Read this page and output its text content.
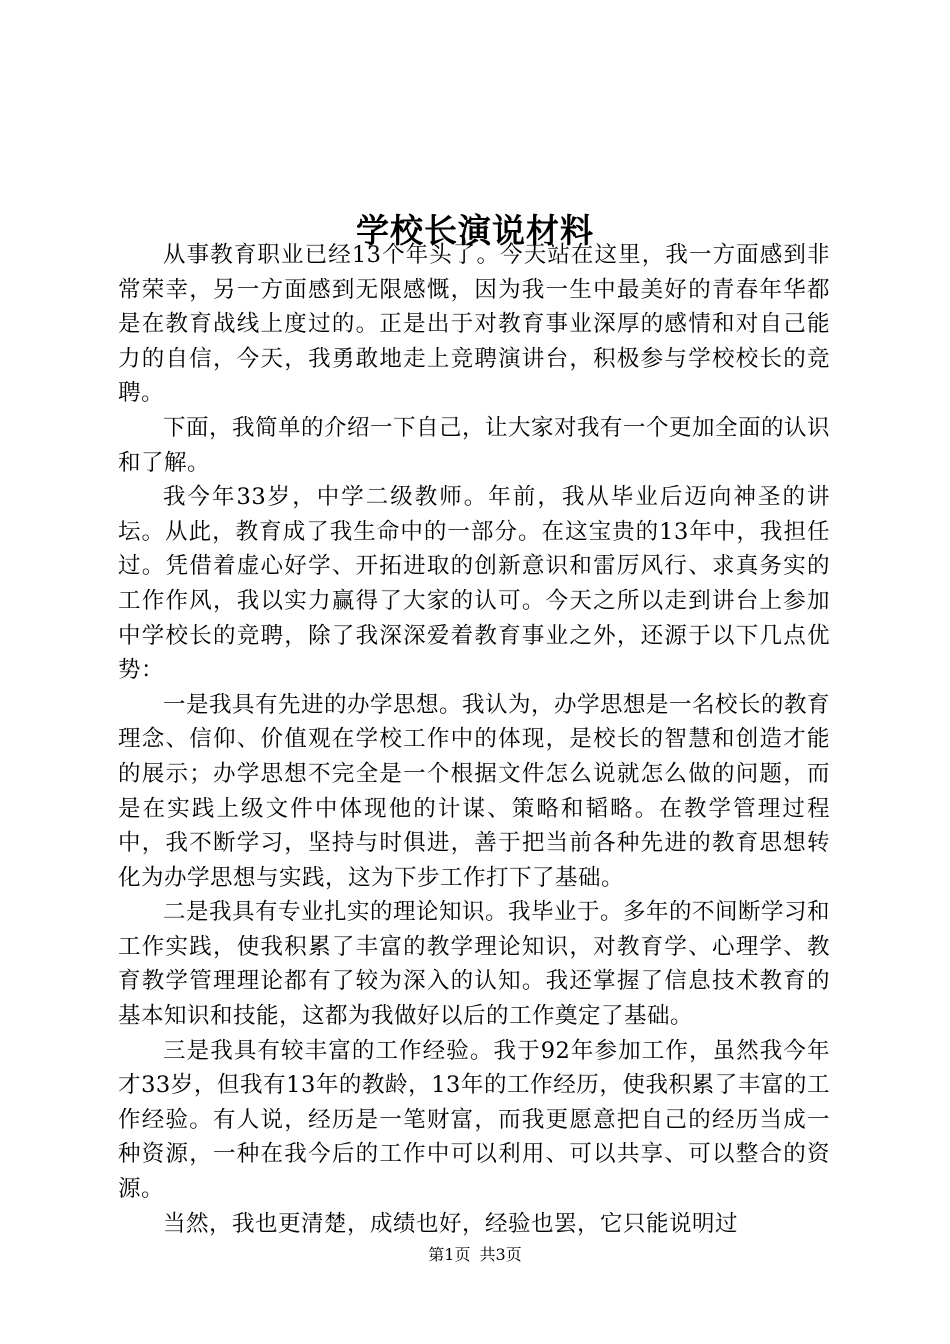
学校长演说材料

从事教育职业已经13个年头了。今天站在这里，我一方面感到非常荣幸，另一方面感到无限感慨，因为我一生中最美好的青春年华都是在教育战线上度过的。正是出于对教育事业深厚的感情和对自己能力的自信，今天，我勇敢地走上竞聘演讲台，积极参与学校校长的竞聘。

下面，我简单的介绍一下自己，让大家对我有一个更加全面的认识和了解。

我今年33岁，中学二级教师。年前，我从毕业后迈向神圣的讲坛。从此，教育成了我生命中的一部分。在这宝贵的13年中，我担任过。凭借着虚心好学、开拓进取的创新意识和雷厉风行、求真务实的工作作风，我以实力赢得了大家的认可。今天之所以走到讲台上参加中学校长的竞聘，除了我深深爱着教育事业之外，还源于以下几点优势：

一是我具有先进的办学思想。我认为，办学思想是一名校长的教育理念、信仰、价值观在学校工作中的体现，是校长的智慧和创造才能的展示；办学思想不完全是一个根据文件怎么说就怎么做的问题，而是在实践上级文件中体现他的计谋、策略和韬略。在教学管理过程中，我不断学习，坚持与时俱进，善于把当前各种先进的教育思想转化为办学思想与实践，这为下步工作打下了基础。

二是我具有专业扎实的理论知识。我毕业于。多年的不间断学习和工作实践，使我积累了丰富的教学理论知识，对教育学、心理学、教育教学管理理论都有了较为深入的认知。我还掌握了信息技术教育的基本知识和技能，这都为我做好以后的工作奠定了基础。

三是我具有较丰富的工作经验。我于92年参加工作，虽然我今年才33岁，但我有13年的教龄，13年的工作经历，使我积累了丰富的工作经验。有人说，经历是一笔财富，而我更愿意把自己的经历当成一种资源，一种在我今后的工作中可以利用、可以共享、可以整合的资源。

当然，我也更清楚，成绩也好，经验也罢，它只能说明过

第1页 共3页
